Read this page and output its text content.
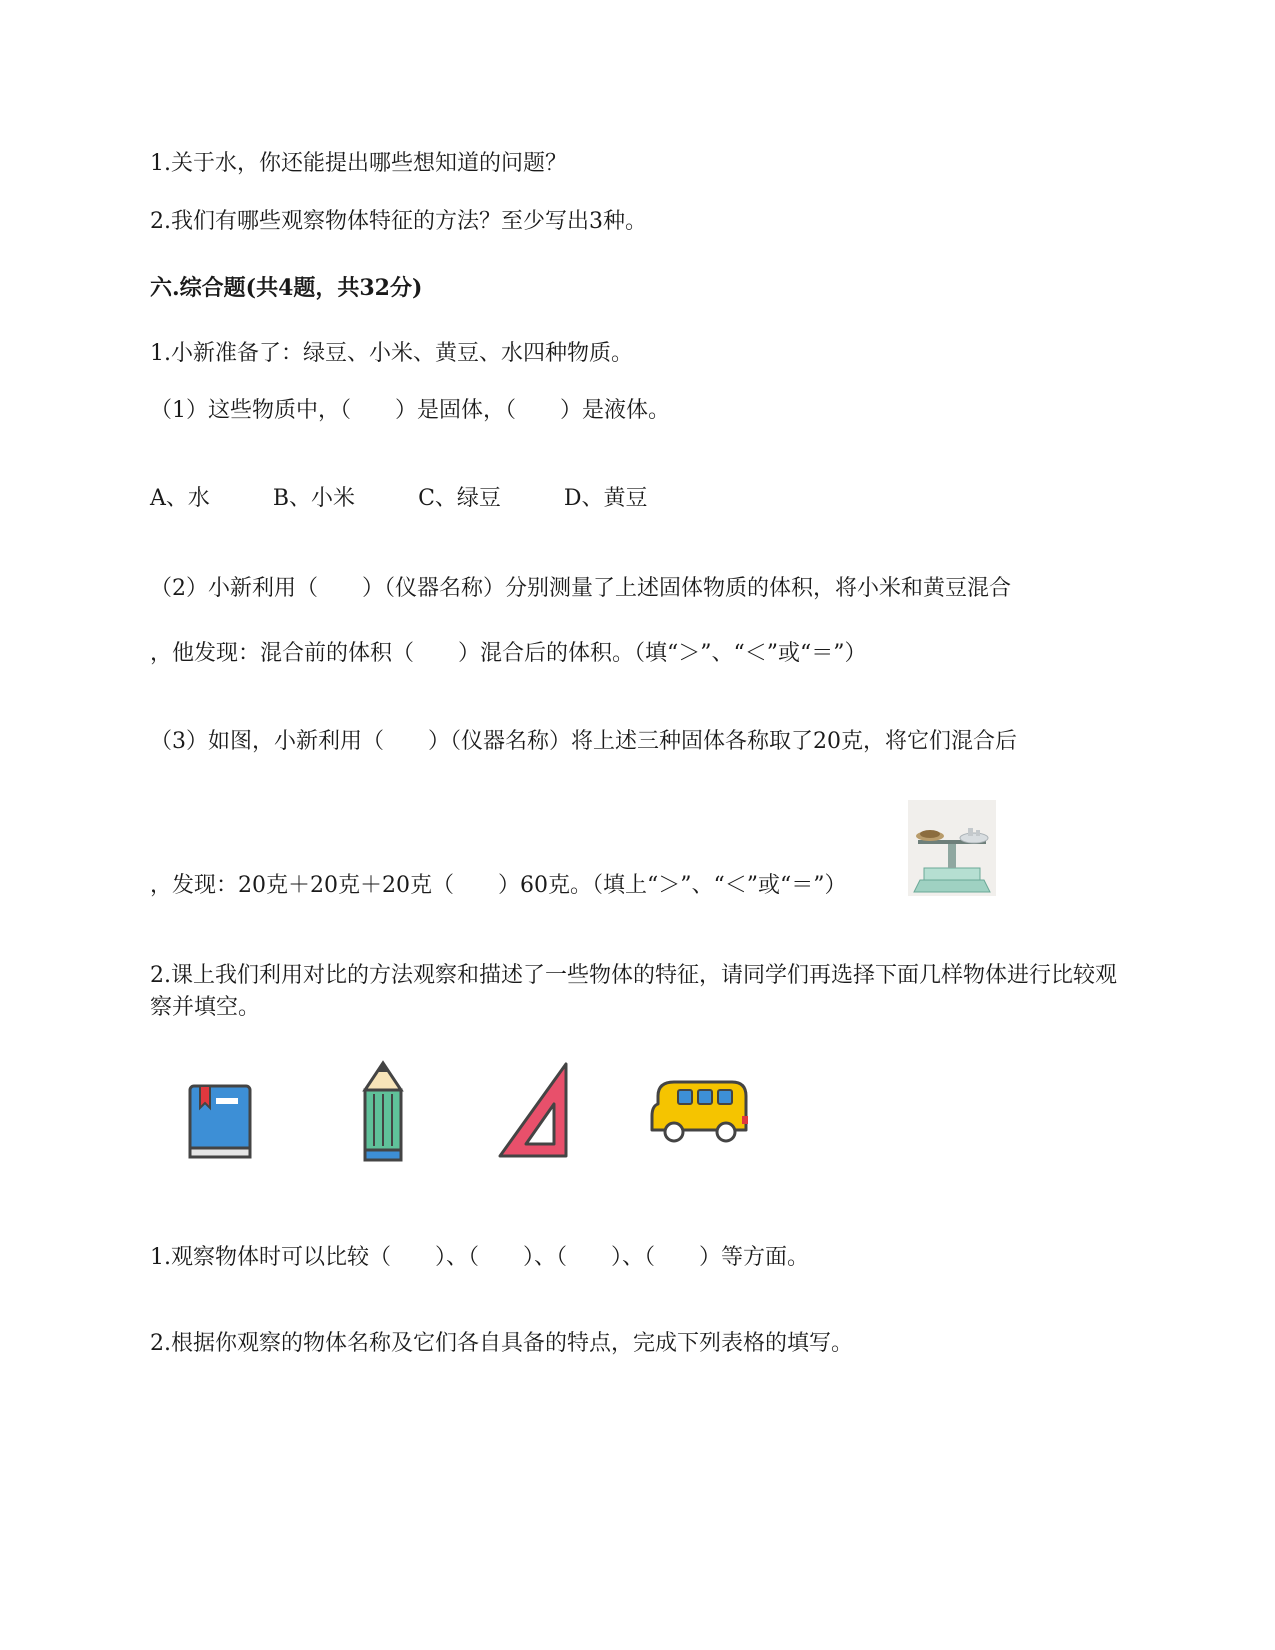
1.关于水，你还能提出哪些想知道的问题？
2.我们有哪些观察物体特征的方法？至少写出3种。
六.综合题(共4题，共32分)
1.小新准备了：绿豆、小米、黄豆、水四种物质。
（1）这些物质中，（　　）是固体，（　　）是液体。
A、水	B、小米	C、绿豆	D、黄豆
（2）小新利用（　　）（仪器名称）分别测量了上述固体物质的体积，将小米和黄豆混合
，他发现：混合前的体积（　　）混合后的体积。（填“＞”、“＜”或“＝”）
（3）如图，小新利用（　　）（仪器名称）将上述三种固体各称取了20克，将它们混合后
，发现：20克＋20克＋20克（　　）60克。（填上“＞”、“＜”或“＝”）
2.课上我们利用对比的方法观察和描述了一些物体的特征，请同学们再选择下面几样物体进行比较观察并填空。
1.观察物体时可以比较（　　）、（　　）、（　　）、（　　）等方面。
2.根据你观察的物体名称及它们各自具备的特点，完成下列表格的填写。
